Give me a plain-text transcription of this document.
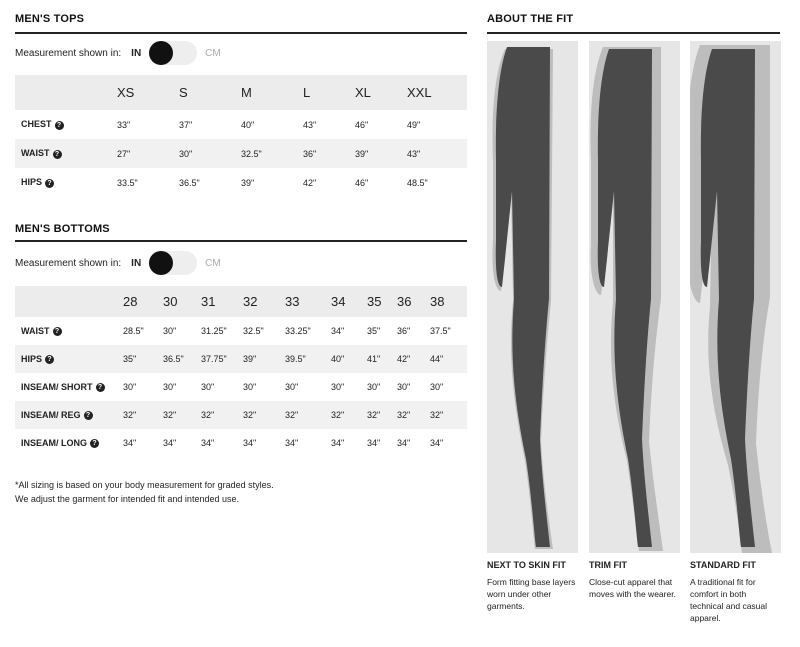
MEN'S TOPS
Measurement shown in: IN	CM
	XS	S	M	L	XL	XXL
CHEST ?	33"	37"	40"	43"	46"	49"
WAIST ?	27"	30"	32.5"	36"	39"	43"
HIPS ?	33.5"	36.5"	39"	42"	46"	48.5"
MEN'S BOTTOMS
Measurement shown in: IN	CM
	28	30	31	32	33	34	35	36	38
WAIST ?	28.5"	30"	31.25"	32.5"	33.25"	34"	35"	36"	37.5"
HIPS ?	35"	36.5"	37.75"	39"	39.5"	40"	41"	42"	44"
INSEAM/ SHORT ?	30"	30"	30"	30"	30"	30"	30"	30"	30"
INSEAM/ REG ?	32"	32"	32"	32"	32"	32"	32"	32"	32"
INSEAM/ LONG ?	34"	34"	34"	34"	34"	34"	34"	34"	34"
*All sizing is based on your body measurement for graded styles.
We adjust the garment for intended fit and intended use.
ABOUT THE FIT
NEXT TO SKIN FIT
Form fitting base layers worn under other garments.
TRIM FIT
Close-cut apparel that moves with the wearer.
STANDARD FIT
A traditional fit for comfort in both technical and casual apparel.
